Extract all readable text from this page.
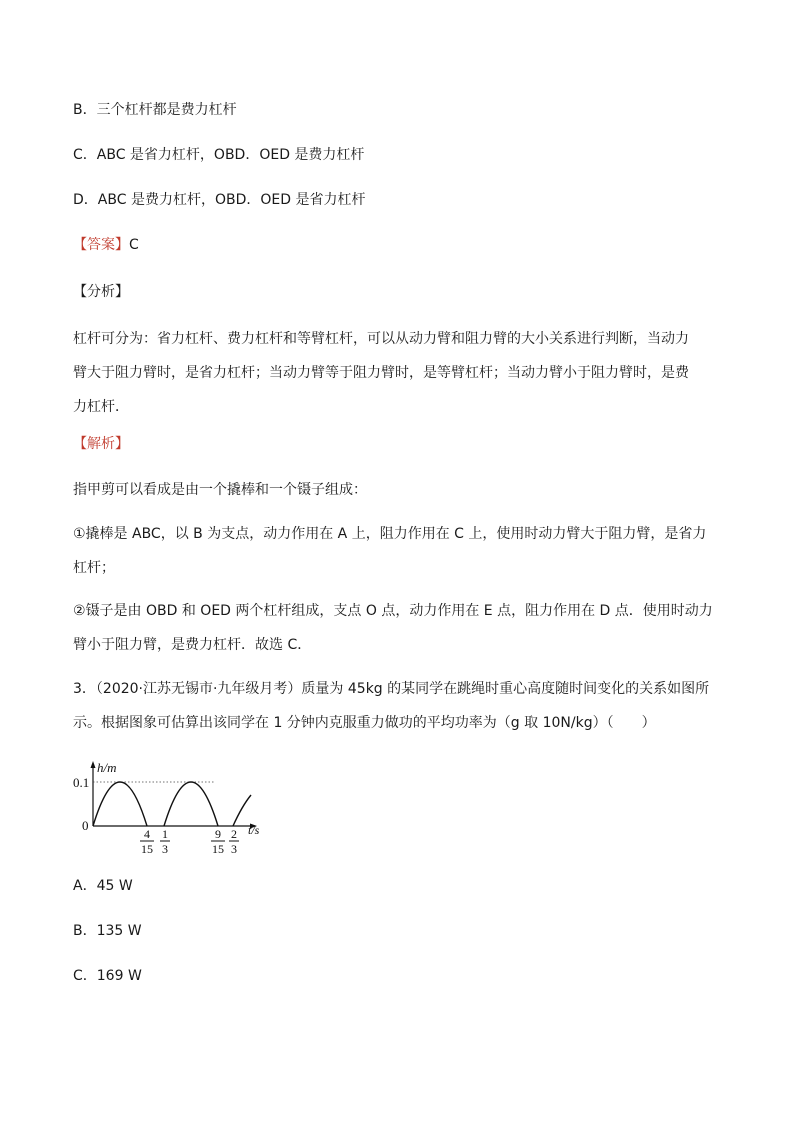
B．三个杠杆都是费力杠杆
C．ABC 是省力杠杆，OBD．OED 是费力杠杆
D．ABC 是费力杠杆，OBD．OED 是省力杠杆
【答案】C
【分析】
杠杆可分为：省力杠杆、费力杠杆和等臂杠杆，可以从动力臂和阻力臂的大小关系进行判断，当动力
臂大于阻力臂时，是省力杠杆；当动力臂等于阻力臂时，是等臂杠杆；当动力臂小于阻力臂时，是费
力杠杆．
【解析】
指甲剪可以看成是由一个撬棒和一个镊子组成：
①撬棒是 ABC，以 B 为支点，动力作用在 A 上，阻力作用在 C 上，使用时动力臂大于阻力臂，是省力
杠杆；
②镊子是由 OBD 和 OED 两个杠杆组成，支点 O 点，动力作用在 E 点，阻力作用在 D 点．使用时动力
臂小于阻力臂，是费力杠杆．故选 C．
3．（2020·江苏无锡市·九年级月考）质量为 45kg 的某同学在跳绳时重心高度随时间变化的关系如图所
示。根据图象可估算出该同学在 1 分钟内克服重力做功的平均功率为（g 取 10N/kg）（　　）
h/m
0.1
0	t/s
4
15
1
3
9
15
2
3
A．45 W
B．135 W
C．169 W
